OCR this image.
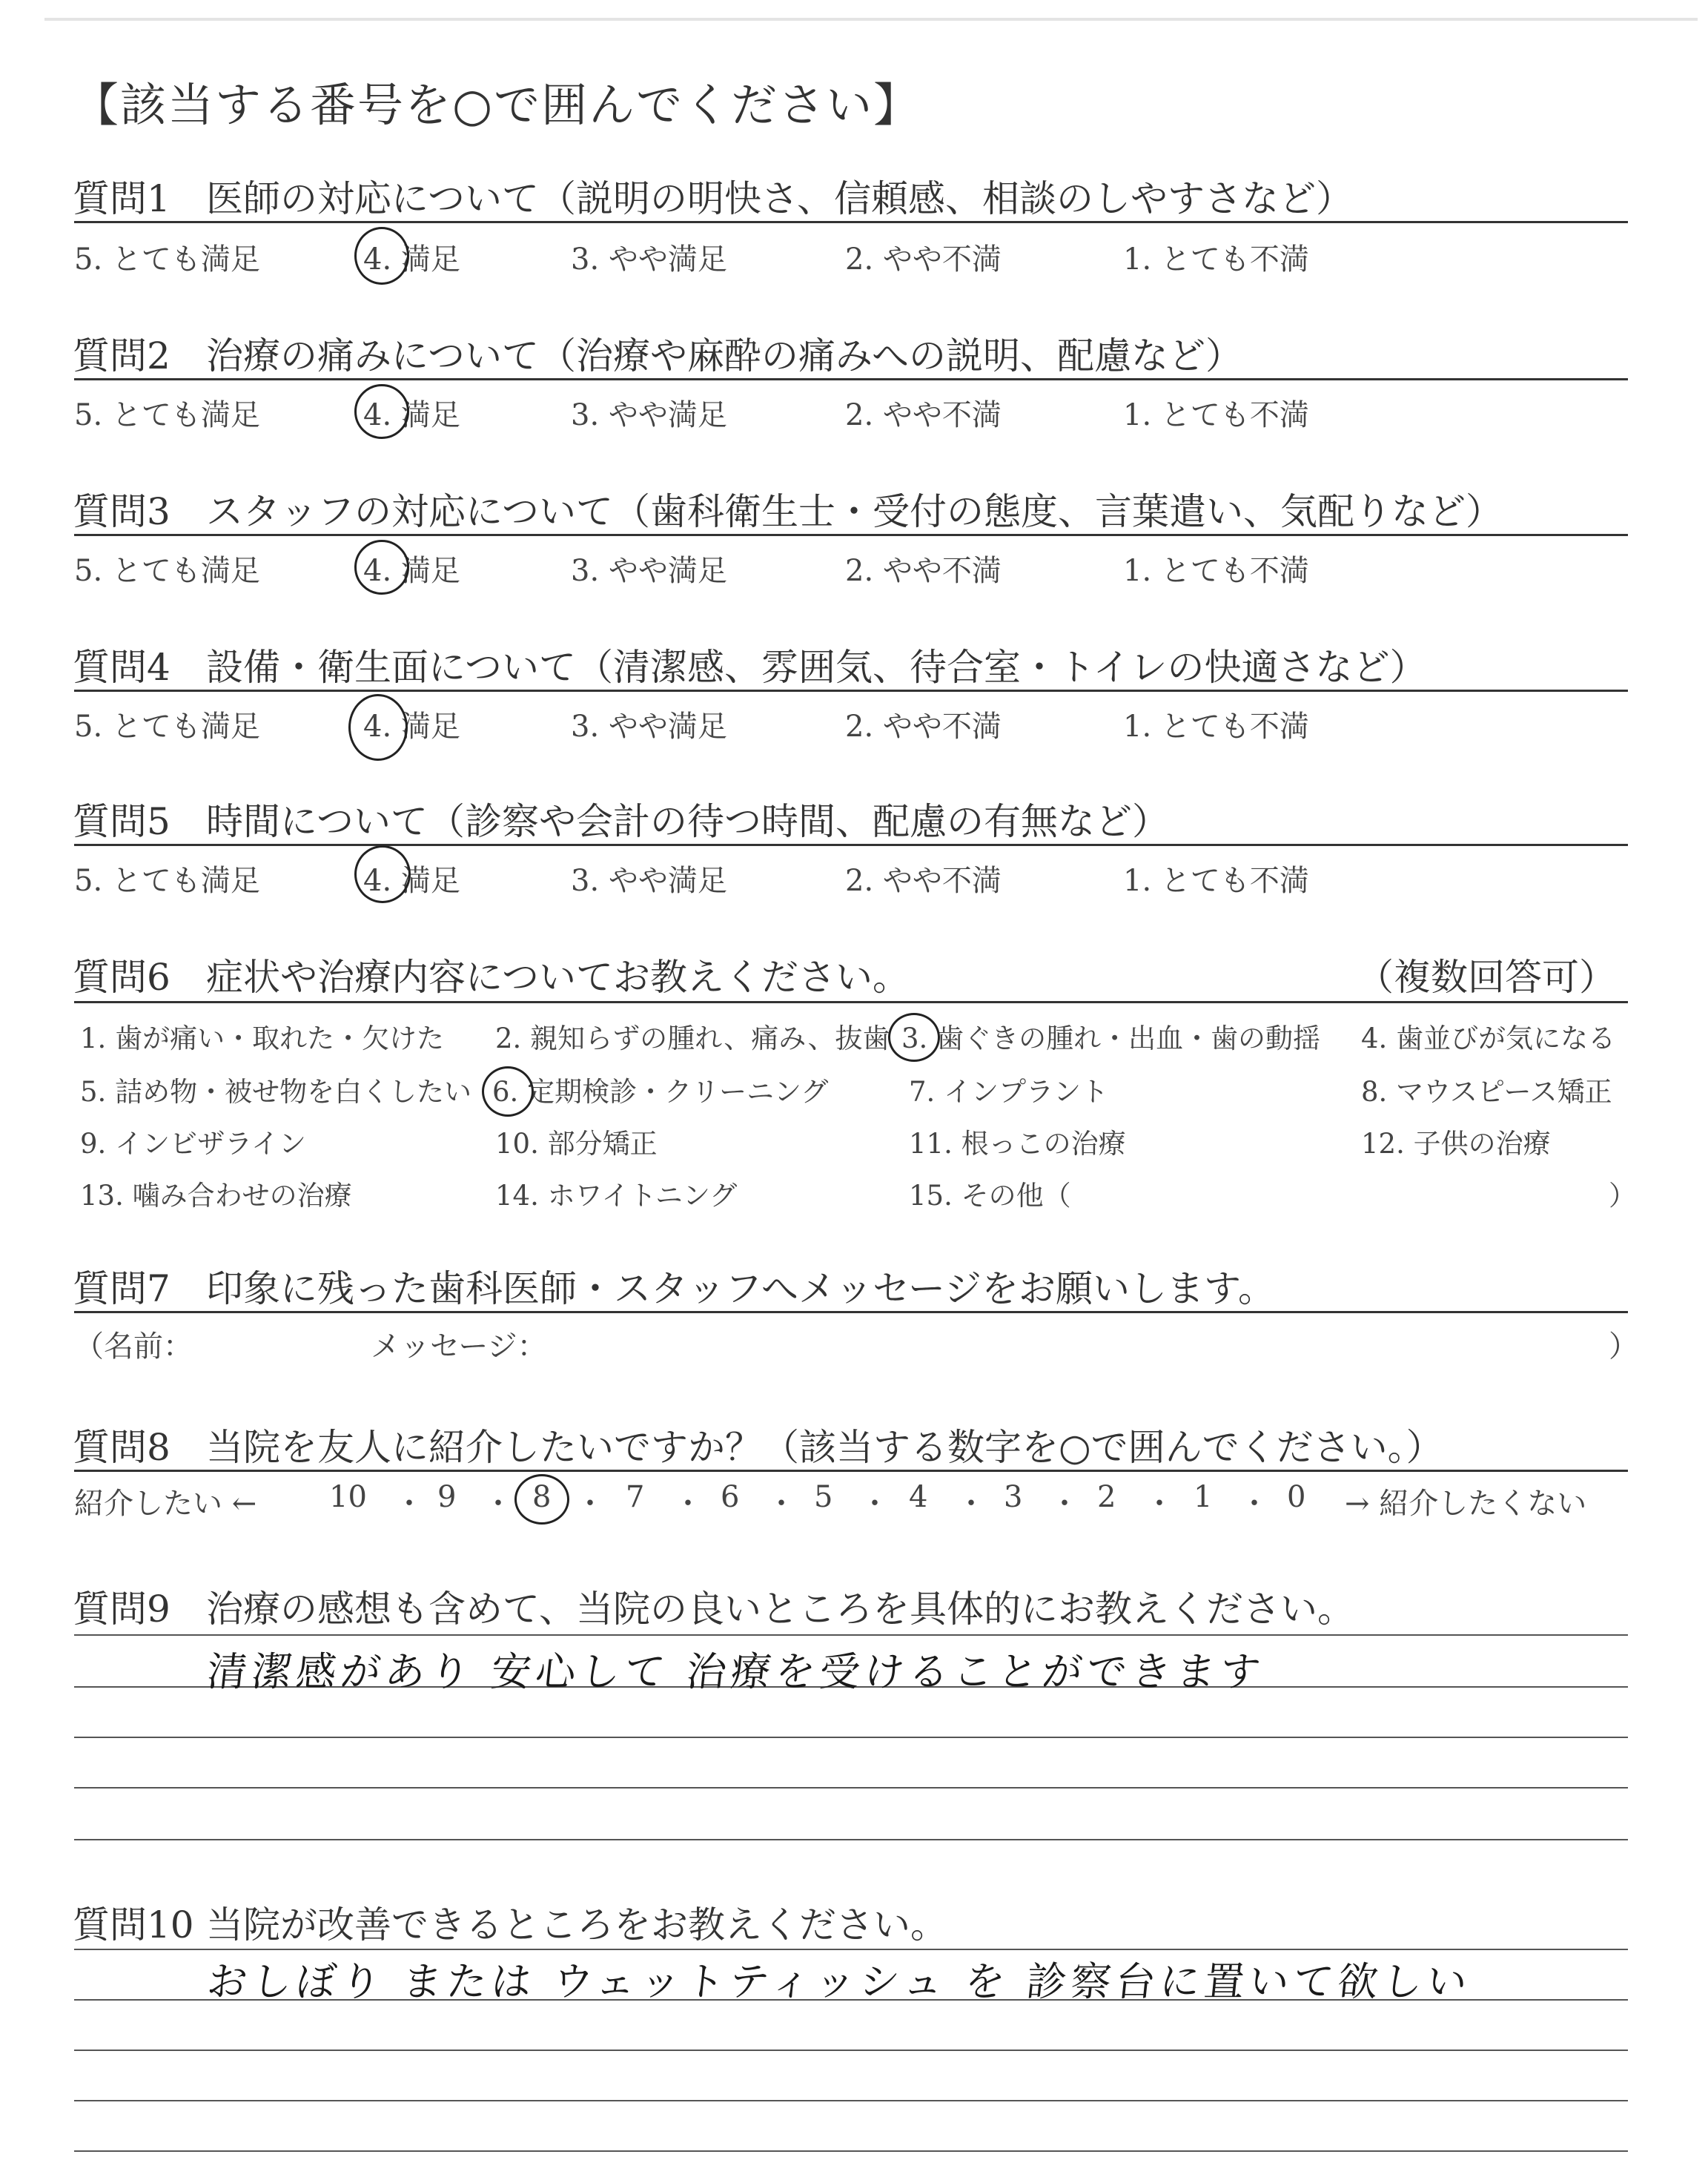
【該当する番号を○で囲んでください】
質問1 医師の対応について（説明の明快さ、信頼感、相談のしやすさなど）
5. とても満足	4. 満足	3. やや満足	2. やや不満	1. とても不満
質問2 治療の痛みについて（治療や麻酔の痛みへの説明、配慮など）
5. とても満足	4. 満足	3. やや満足	2. やや不満	1. とても不満
質問3 スタッフの対応について（歯科衛生士・受付の態度、言葉遣い、気配りなど）
5. とても満足	4. 満足	3. やや満足	2. やや不満	1. とても不満
質問4 設備・衛生面について（清潔感、雰囲気、待合室・トイレの快適さなど）
5. とても満足	4. 満足	3. やや満足	2. やや不満	1. とても不満
質問5 時間について（診察や会計の待つ時間、配慮の有無など）
5. とても満足	4. 満足	3. やや満足	2. やや不満	1. とても不満
質問6 症状や治療内容についてお教えください。	（複数回答可）
1. 歯が痛い・取れた・欠けた 2. 親知らずの腫れ、痛み、抜歯 3. 歯ぐきの腫れ・出血・歯の動揺 4. 歯並びが気になる
5. 詰め物・被せ物を白くしたい 6. 定期検診・クリーニング	7. インプラント	8. マウスピース矯正
9. インビザライン	10. 部分矯正	11. 根っこの治療	12. 子供の治療
13. 噛み合わせの治療	14. ホワイトニング	15. その他（	）
質問7 印象に残った歯科医師・スタッフへメッセージをお願いします。
（名前：	メッセージ：	）
質問8 当院を友人に紹介したいですか？（該当する数字を○で囲んでください。）
紹介したい ←	→ 紹介したくない
10 ・ 9 ・ 8 ・ 7 ・ 6 ・ 5 ・ 4 ・ 3 ・ 2 ・ 1 ・ 0
質問9 治療の感想も含めて、当院の良いところを具体的にお教えください。
清潔感があり 安心して 治療を受けることができます
質問10 当院が改善できるところをお教えください。
おしぼり または ウェットティッシュ を 診察台に置いて欲しい
